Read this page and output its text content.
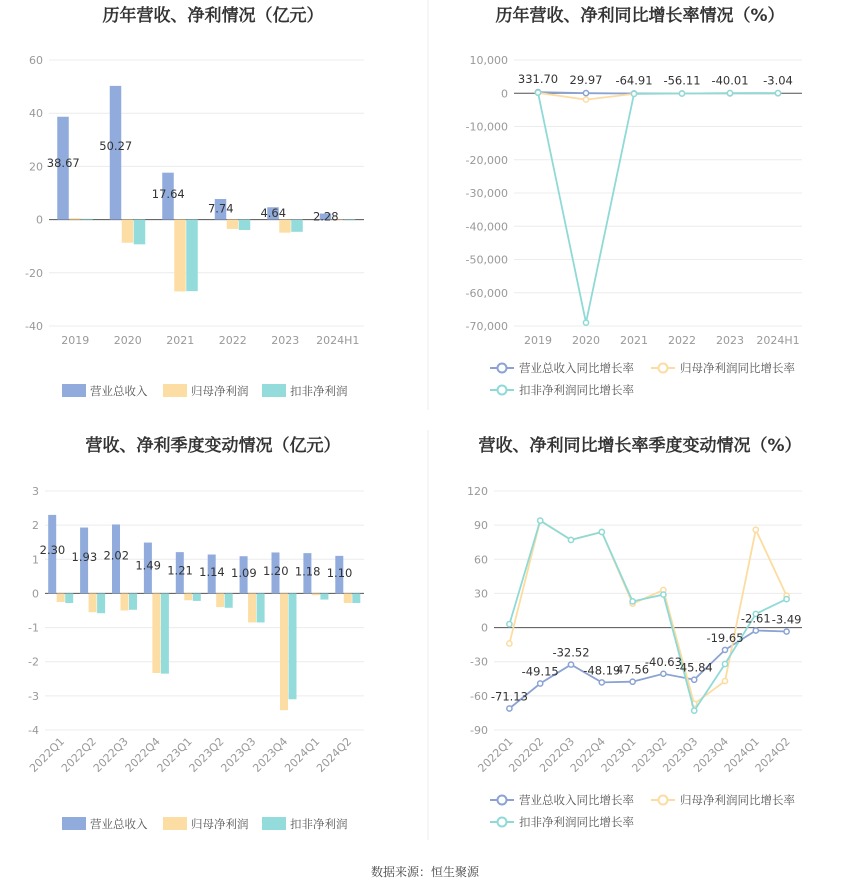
数据来源：恒生聚源
历年营收、净利情况（亿元）
60
40
20
0
-20
-40
2019 2020 2021 2022 2023 2024H1
38.67
50.27
17.64
7.74 4.64 2.28
营业总收入	归母净利润	扣非净利润
历年营收、净利同比增长率情况（%）
10,000
0
-10,000
-20,000
-30,000
-40,000
-50,000
-60,000
-70,000
2019 2020 2021 2022 2023 2024H1
331.70 29.97 -64.91 -56.11 -40.01 -3.04
营业总收入同比增长率	归母净利润同比增长率
扣非净利润同比增长率
营收、净利季度变动情况（亿元）
3
2
1
0
-1
-2
-3
-4
2022Q1
2022Q2
2022Q3
2022Q4
2023Q1
2023Q2
2023Q3
2023Q4
2024Q1
2024Q2
2.30 1.93 2.02
1.49 1.21 1.14 1.09 1.20 1.18 1.10
营业总收入	归母净利润	扣非净利润
营收、净利同比增长率季度变动情况（%）
120
90
60
30
0
-30
-60
-90
2022Q1
2022Q2
2022Q3
2022Q4
2023Q1
2023Q2
2023Q3
2023Q4
2024Q1
2024Q2
-71.13
-49.15
-32.52
-48.19
47.56
-40.63
-45.84
-19.65
-2.61 -3.49
营业总收入同比增长率	归母净利润同比增长率
扣非净利润同比增长率
